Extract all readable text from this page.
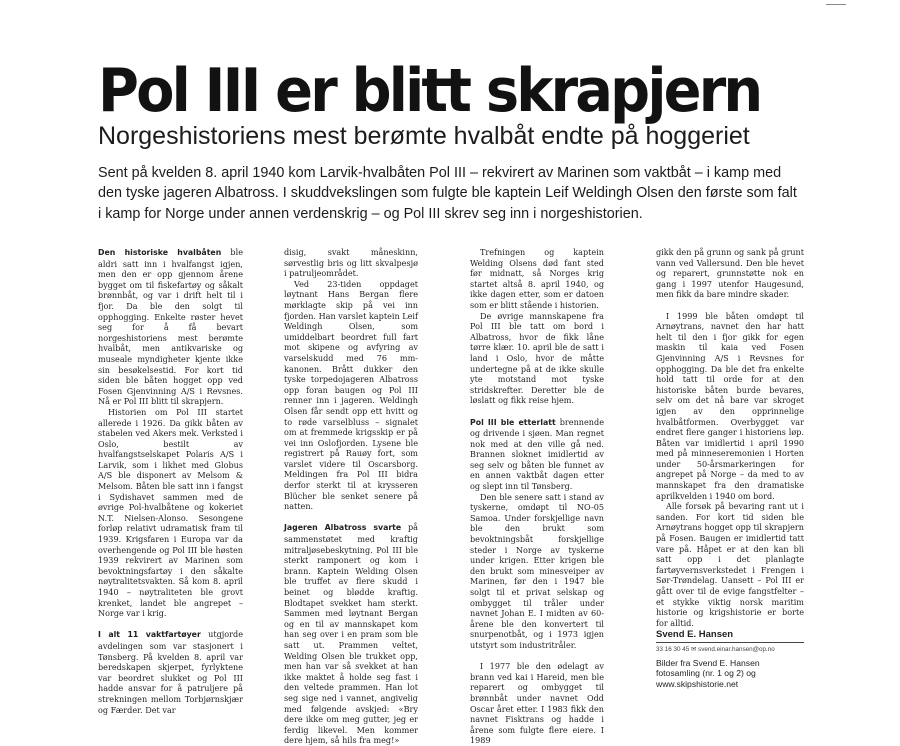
Pol III er blitt skrapjern
Norgeshistoriens mest berømte hvalbåt endte på hoggeriet
Sent på kvelden 8. april 1940 kom Larvik-hvalbåten Pol III – rekvirert av Marinen som vaktbåt – i kamp med den tyske jageren Albatross. I skuddvekslingen som fulgte ble kaptein Leif Weldingh Olsen den første som falt i kamp for Norge under annen verdenskrig – og Pol III skrev seg inn i norgeshistorien.

Den historiske hvalbåten ble aldri satt inn i hvalfangst igjen, men den er opp gjennom årene bygget om til fiskefartøy og såkalt brønnbåt, og var i drift helt til i fjor. Da ble den solgt til opphogging. Enkelte røster hevet seg for å få bevart norgeshistoriens mest berømte hvalbåt, men antikvariske og museale myndigheter kjente ikke sin besøkelsestid. For kort tid siden ble båten hogget opp ved Fosen Gjenvinning A/S i Revsnes. Nå er Pol III blitt til skrapjern.

Historien om Pol III startet allerede i 1926. Da gikk båten av stabelen ved Akers mek. Verksted i Oslo, bestilt av hvalfangstselskapet Polaris A/S i Larvik, som i likhet med Globus A/S ble disponert av Melsom & Melsom. Båten ble satt inn i fangst i Sydishavet sammen med de øvrige Pol-hvalbåtene og kokeriet N.T. Nielsen-Alonso. Sesongene forløp relativt udramatisk fram til 1939. Krigsfaren i Europa var da overhengende og Pol III ble høsten 1939 rekvirert av Marinen som bevoktningsfartøy i den såkalte nøytralitetsvakten. Så kom 8. april 1940 – nøytraliteten ble grovt krenket, landet ble angrepet – Norge var i krig.

I alt 11 vaktfartøyer utgjorde avdelingen som var stasjonert i Tønsberg. På kvelden 8. april var beredskapen skjerpet, fyrlyktene var beordret slukket og Pol III hadde ansvar for å patruljere på strekningen mellom Torbjørnskjær og Færder. Det var

disig, svakt måneskinn, sørvestlig bris og litt skvalpesjø i patruljeområdet.

Ved 23-tiden oppdaget løytnant Hans Bergan flere mørklagte skip på vei inn fjorden. Han varslet kaptein Leif Weldingh Olsen, som umiddelbart beordret full fart mot skipene og avfyring av varselskudd med 76 mm-kanonen. Brått dukker den tyske torpedojageren Albatross opp foran baugen og Pol III renner inn i jageren. Weldingh Olsen får sendt opp ett hvitt og to røde varselbluss – signalet om at fremmede krigsskip er på vei inn Oslofjorden. Lysene ble registrert på Rauøy fort, som varslet videre til Oscarsborg. Meldingen fra Pol III bidra derfor sterkt til at krysseren Blücher ble senket senere på natten.

Jageren Albatross svarte på sammenstøtet med kraftig mitraljøsebeskytning. Pol III ble sterkt ramponert og kom i brann. Kaptein Welding Olsen ble truffet av flere skudd i beinet og blødde kraftig. Blodtapet svekket ham sterkt. Sammen med løytnant Bergan og en til av mannskapet kom han seg over i en pram som ble satt ut. Prammen veltet, Welding Olsen ble trukket opp, men han var så svekket at han ikke maktet å holde seg fast i den veltede prammen. Han lot seg sige ned i vannet, angivelig med følgende avskjed: «Bry dere ikke om meg gutter, jeg er ferdig likevel. Men kommer dere hjem, så hils fra meg!»

Trefningen og kaptein Welding Olsens død fant sted før midnatt, så Norges krig startet altså 8. april 1940, og ikke dagen etter, som er datoen som er blitt stående i historien.

De øvrige mannskapene fra Pol III ble tatt om bord i Albatross, hvor de fikk låne tørre klær. 10. april ble de satt i land i Oslo, hvor de måtte undertegne på at de ikke skulle yte motstand mot tyske stridskrefter. Deretter ble de løslatt og fikk reise hjem.

Pol III ble etterlatt brennende og drivende i sjøen. Man regnet nok med at den ville gå ned. Brannen sloknet imidlertid av seg selv og båten ble funnet av en annen vaktbåt dagen etter og slept inn til Tønsberg.

Den ble senere satt i stand av tyskerne, omdøpt til NO-05 Samoa. Under forskjellige navn ble den brukt som bevoktningsbåt forskjellige steder i Norge av tyskerne under krigen. Etter krigen ble den brukt som minesveiper av Marinen, før den i 1947 ble solgt til et privat selskap og ombygget til tråler under navnet Johan E. I midten av 60-årene ble den konvertert til snurpenotbåt, og i 1973 igjen utstyrt som industritråler.

I 1977 ble den ødelagt av brann ved kai i Hareid, men ble reparert og ombygget til brønnbåt under navnet Odd Oscar året etter. I 1983 fikk den navnet Fisktrans og hadde i årene som fulgte flere eiere. I 1989

gikk den på grunn og sank på grunt vann ved Vallersund. Den ble hevet og reparert, grunnstøtte nok en gang i 1997 utenfor Haugesund, men fikk da bare mindre skader.

I 1999 ble båten omdøpt til Arnøytrans, navnet den har hatt helt til den i fjor gikk for egen maskin til kaia ved Fosen Gjenvinning A/S i Revsnes for opphogging. Da ble det fra enkelte hold tatt til orde for at den historiske båten burde bevares, selv om det nå bare var skroget igjen av den opprinnelige hvalbåtformen. Overbygget var endret flere ganger i historiens løp. Båten var imidlertid i april 1990 med på minneseremonien i Horten under 50-årsmarkeringen for angrepet på Norge – da med to av mannskapet fra den dramatiske aprilkvelden i 1940 om bord.

Alle forsøk på bevaring rant ut i sanden. For kort tid siden ble Arnøytrans hogget opp til skrapjern på Fosen. Baugen er imidlertid tatt vare på. Håpet er at den kan bli satt opp i det planlagte fartøyvernsverkstedet i Frengen i Sør-Trøndelag. Uansett – Pol III er gått over til de evige fangstfelter – et stykke viktig norsk maritim historie og krigshistorie er borte for alltid.

Svend E. Hansen
33 16 30 45 ✉ svend.einar.hansen@op.no
Bilder fra Svend E. Hansen fotosamling (nr. 1 og 2) og www.skipshistorie.net
